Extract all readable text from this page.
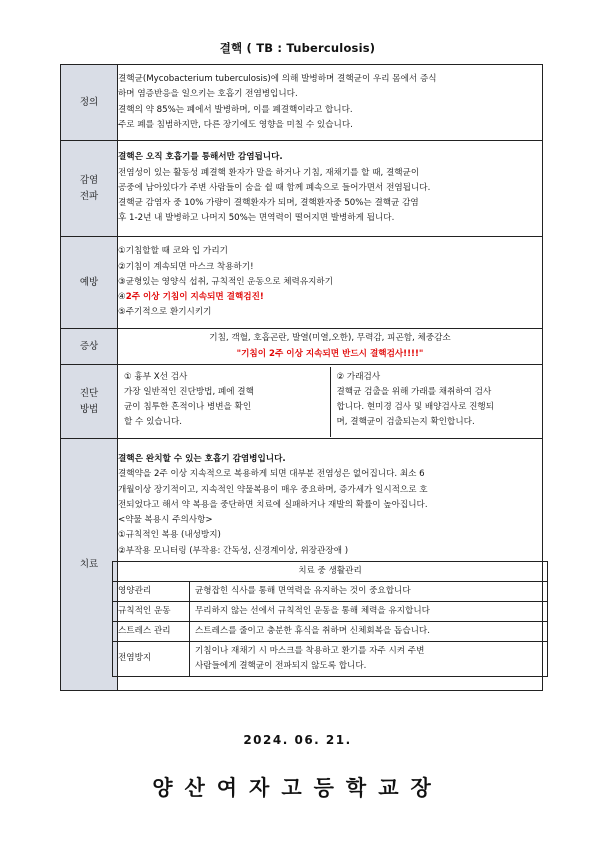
결핵 ( TB : Tuberculosis)
정의	
결핵균(Mycobacterium tuberculosis)에 의해 발병하며 결핵균이 우리 몸에서 증식
하며 염증반응을 일으키는 호흡기 전염병입니다.
결핵의 약 85%는 폐에서 발병하며, 이를 폐결핵이라고 합니다.
주로 폐를 침범하지만, 다른 장기에도 영향을 미칠 수 있습니다.

감염
전파

결핵은 오직 호흡기를 통해서만 감염됩니다.
전염성이 있는 활동성 폐결핵 환자가 말을 하거나 기침, 재채기를 할 때, 결핵균이
공중에 남아있다가 주변 사람들이 숨을 쉴 때 함께 폐속으로 들어가면서 전염됩니다.
결핵균 감염자 중 10% 가량이 결핵환자가 되며, 결핵환자중 50%는 결핵균 감염
후 1-2년 내 발병하고 나머지 50%는 면역력이 떨어지면 발병하게 됩니다.

예방	
①기침할할 때 코와 입 가리기
②기침이 계속되면 마스크 착용하기!
③균형있는 영양식 섭취, 규칙적인 운동으로 체력유지하기
④2주 이상 기침이 지속되면 결핵검진!
⑤주기적으로 환기시키기

증상	
기침, 객혈, 호흡곤란, 발열(미열,오한), 무력감, 피곤함, 체중감소
"기침이 2주 이상 지속되면 반드시 결핵검사!!!!"

진단
방법

① 흉부 X선 검사
가장 일반적인 진단방법, 폐에 결핵
균이 침투한 흔적이나 병변을 확인
할 수 있습니다.
② 가래검사
결핵균 검출을 위해 가래를 채취하여 검사
합니다. 현미경 검사 및 배양검사로 진행되
며, 결핵균이 검출되는지 확인합니다.

치료	
결핵은 완치할 수 있는 호흡기 감염병입니다.
결핵약을 2주 이상 지속적으로 복용하게 되면 대부분 전염성은 없어집니다. 최소 6
개월이상 장기적이고, 지속적인 약물복용이 매우 중요하며, 증가세가 일시적으로 호
전되었다고 해서 약 복용을 중단하면 치료에 실패하거나 재발의 확률이 높아집니다.
<약물 복용시 주의사항>
①규칙적인 복용 (내성방지)
②부작용 모니터링 (부작용: 간독성, 신경계이상, 위장관장애 )
치료 중 생활관리
영양관리	균형잡힌 식사를 통해 면역력을 유지하는 것이 중요합니다
규칙적인 운동	무리하지 않는 선에서 규칙적인 운동을 통해 체력을 유지합니다
스트레스 관리	스트레스를 줄이고 충분한 휴식을 취하며 신체회복을 돕습니다.
전염방지	
기침이나 재채기 시 마스크를 착용하고 환기를 자주 시켜 주변
사람들에게 결핵균이 전파되지 않도록 합니다.
2024. 06. 21.
양산여자고등학교장
